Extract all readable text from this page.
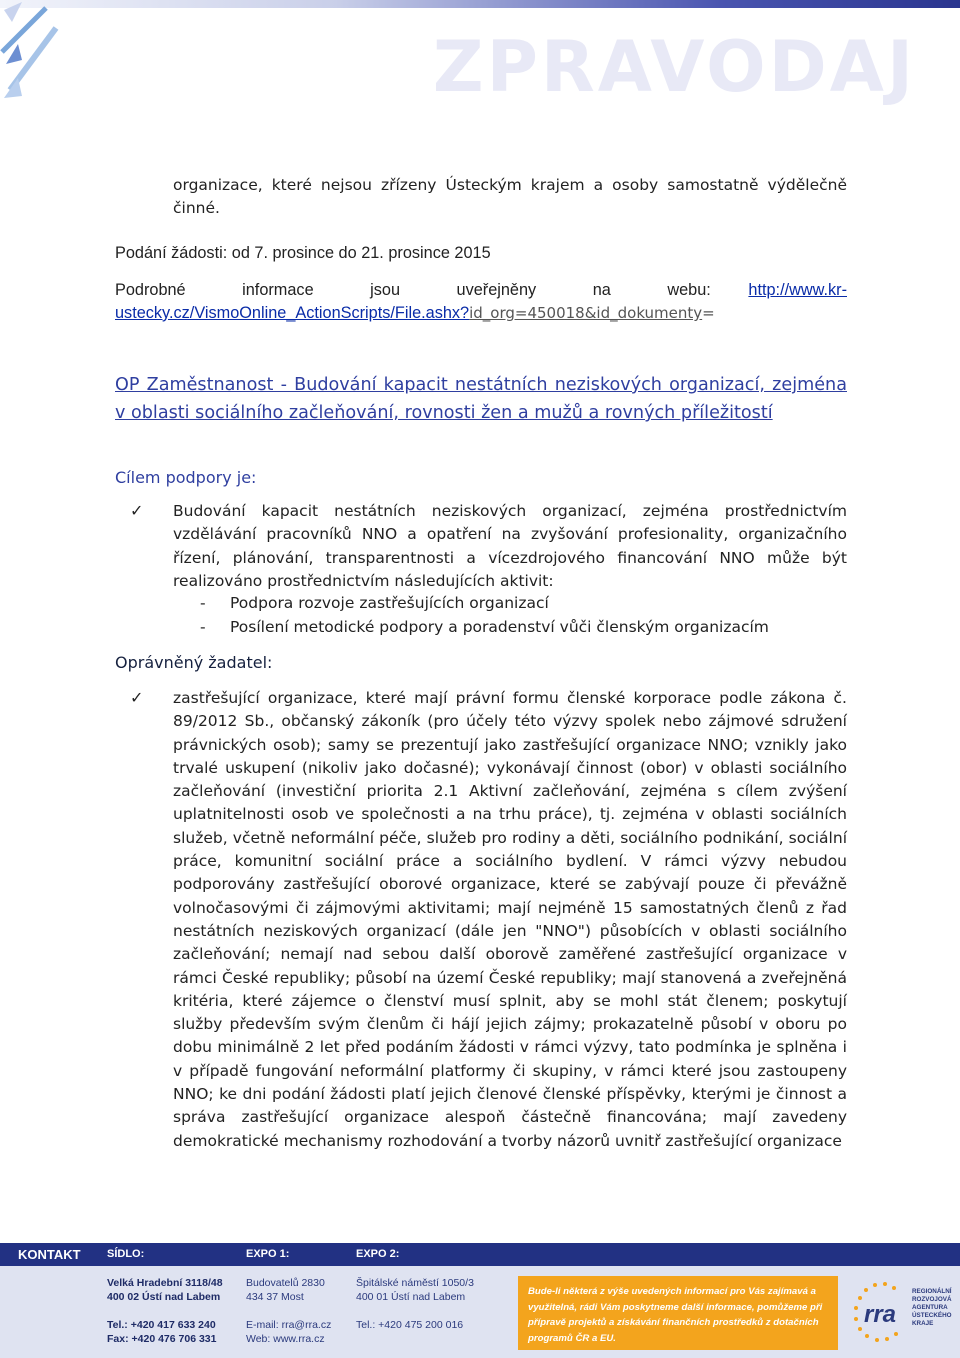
ZPRAVODAJ
organizace, které nejsou zřízeny Ústeckým krajem a osoby samostatně výdělečně
činné.
Podání žádosti: od 7. prosince do 21. prosince 2015
Podrobné informace jsou uveřejněny na webu: http://www.kr-
ustecky.cz/VismoOnline_ActionScripts/File.ashx?id_org=450018&id_dokumenty=
OP Zaměstnanost - Budování kapacit nestátních neziskových organizací, zejména v oblasti sociálního začleňování, rovnosti žen a mužů a rovných příležitostí
Cílem podpory je:
✓ Budování kapacit nestátních neziskových organizací, zejména prostřednictvím vzdělávání pracovníků NNO a opatření na zvyšování profesionality, organizačního řízení, plánování, transparentnosti a vícezdrojového financování NNO může být realizováno prostřednictvím následujících aktivit:
- Podpora rozvoje zastřešujících organizací
- Posílení metodické podpory a poradenství vůči členským organizacím
Oprávněný žadatel:
✓ zastřešující organizace, které mají právní formu členské korporace podle zákona č. 89/2012 Sb., občanský zákoník (pro účely této výzvy spolek nebo zájmové sdružení právnických osob); samy se prezentují jako zastřešující organizace NNO; vznikly jako trvalé uskupení (nikoliv jako dočasné); vykonávají činnost (obor) v oblasti sociálního začleňování (investiční priorita 2.1 Aktivní začleňování, zejména s cílem zvýšení uplatnitelnosti osob ve společnosti a na trhu práce), tj. zejména v oblasti sociálních služeb, včetně neformální péče, služeb pro rodiny a děti, sociálního podnikání, sociální práce, komunitní sociální práce a sociálního bydlení. V rámci výzvy nebudou podporovány zastřešující oborové organizace, které se zabývají pouze či převážně volnočasovými či zájmovými aktivitami; mají nejméně 15 samostatných členů z řad nestátních neziskových organizací (dále jen "NNO") působících v oblasti sociálního začleňování; nemají nad sebou další oborově zaměřené zastřešující organizace v rámci České republiky; působí na území České republiky; mají stanovená a zveřejněná kritéria, které zájemce o členství musí splnit, aby se mohl stát členem; poskytují služby především svým členům či hájí jejich zájmy; prokazatelně působí v oboru po dobu minimálně 2 let před podáním žádosti v rámci výzvy, tato podmínka je splněna i v případě fungování neformální platformy či skupiny, v rámci které jsou zastoupeny NNO; ke dni podání žádosti platí jejich členové členské příspěvky, kterými je činnost a správa zastřešující organizace alespoň částečně financována; mají zavedeny demokratické mechanismy rozhodování a tvorby názorů uvnitř zastřešující organizace
KONTAKT SÍDLO:	EXPO 1:	EXPO 2:
Velká Hradební 3118/48
400 02 Ústí nad Labem
Tel.: +420 417 633 240
Fax: +420 476 706 331
Budovatelů 2830
434 37 Most
E-mail: rra@rra.cz
Web: www.rra.cz
Špitálské náměstí 1050/3
400 01 Ústí nad Labem
Tel.: +420 475 200 016
Bude-li některá z výše uvedených informací pro Vás zajímavá a využitelná, rádi Vám poskytneme další informace, pomůžeme při přípravě projektů a získávání finančních prostředků z dotačních programů ČR a EU.
rra
REGIONÁLNÍ
ROZVOJOVÁ
AGENTURA
ÚSTECKÉHO KRAJE
